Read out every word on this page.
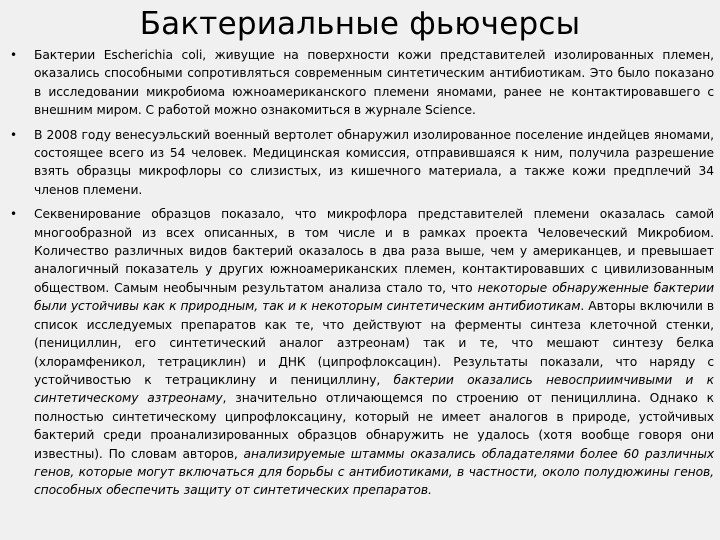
Бактериальные фьючерсы
• Бактерии Escherichia coli, живущие на поверхности кожи представителей изолированных племен, оказались способными сопротивляться современным синтетическим антибиотикам. Это было показано в исследовании микробиома южноамериканского племени яномами, ранее не контактировавшего с внешним миром. С работой можно ознакомиться в журнале Science.
• В 2008 году венесуэльский военный вертолет обнаружил изолированное поселение индейцев яномами, состоящее всего из 54 человек. Медицинская комиссия, отправившаяся к ним, получила разрешение взять образцы микрофлоры со слизистых, из кишечного материала, а также кожи предплечий 34 членов племени.
• Секвенирование образцов показало, что микрофлора представителей племени оказалась самой многообразной из всех описанных, в том числе и в рамках проекта Человеческий Микробиом. Количество различных видов бактерий оказалось в два раза выше, чем у американцев, и превышает аналогичный показатель у других южноамериканских племен, контактировавших с цивилизованным обществом. Самым необычным результатом анализа стало то, что некоторые обнаруженные бактерии были устойчивы как к природным, так и к некоторым синтетическим антибиотикам. Авторы включили в список исследуемых препаратов как те, что действуют на ферменты синтеза клеточной стенки, (пенициллин, его синтетический аналог азтреонам) так и те, что мешают синтезу белка (хлорамфеникол, тетрациклин) и ДНК (ципрофлоксацин). Результаты показали, что наряду с устойчивостью к тетрациклину и пенициллину, бактерии оказались невосприимчивыми и к синтетическому азтреонаму, значительно отличающемся по строению от пенициллина. Однако к полностью синтетическому ципрофлоксацину, который не имеет аналогов в природе, устойчивых бактерий среди проанализированных образцов обнаружить не удалось (хотя вообще говоря они известны). По словам авторов, анализируемые штаммы оказались обладателями более 60 различных генов, которые могут включаться для борьбы с антибиотиками, в частности, около полудюжины генов, способных обеспечить защиту от синтетических препаратов.
